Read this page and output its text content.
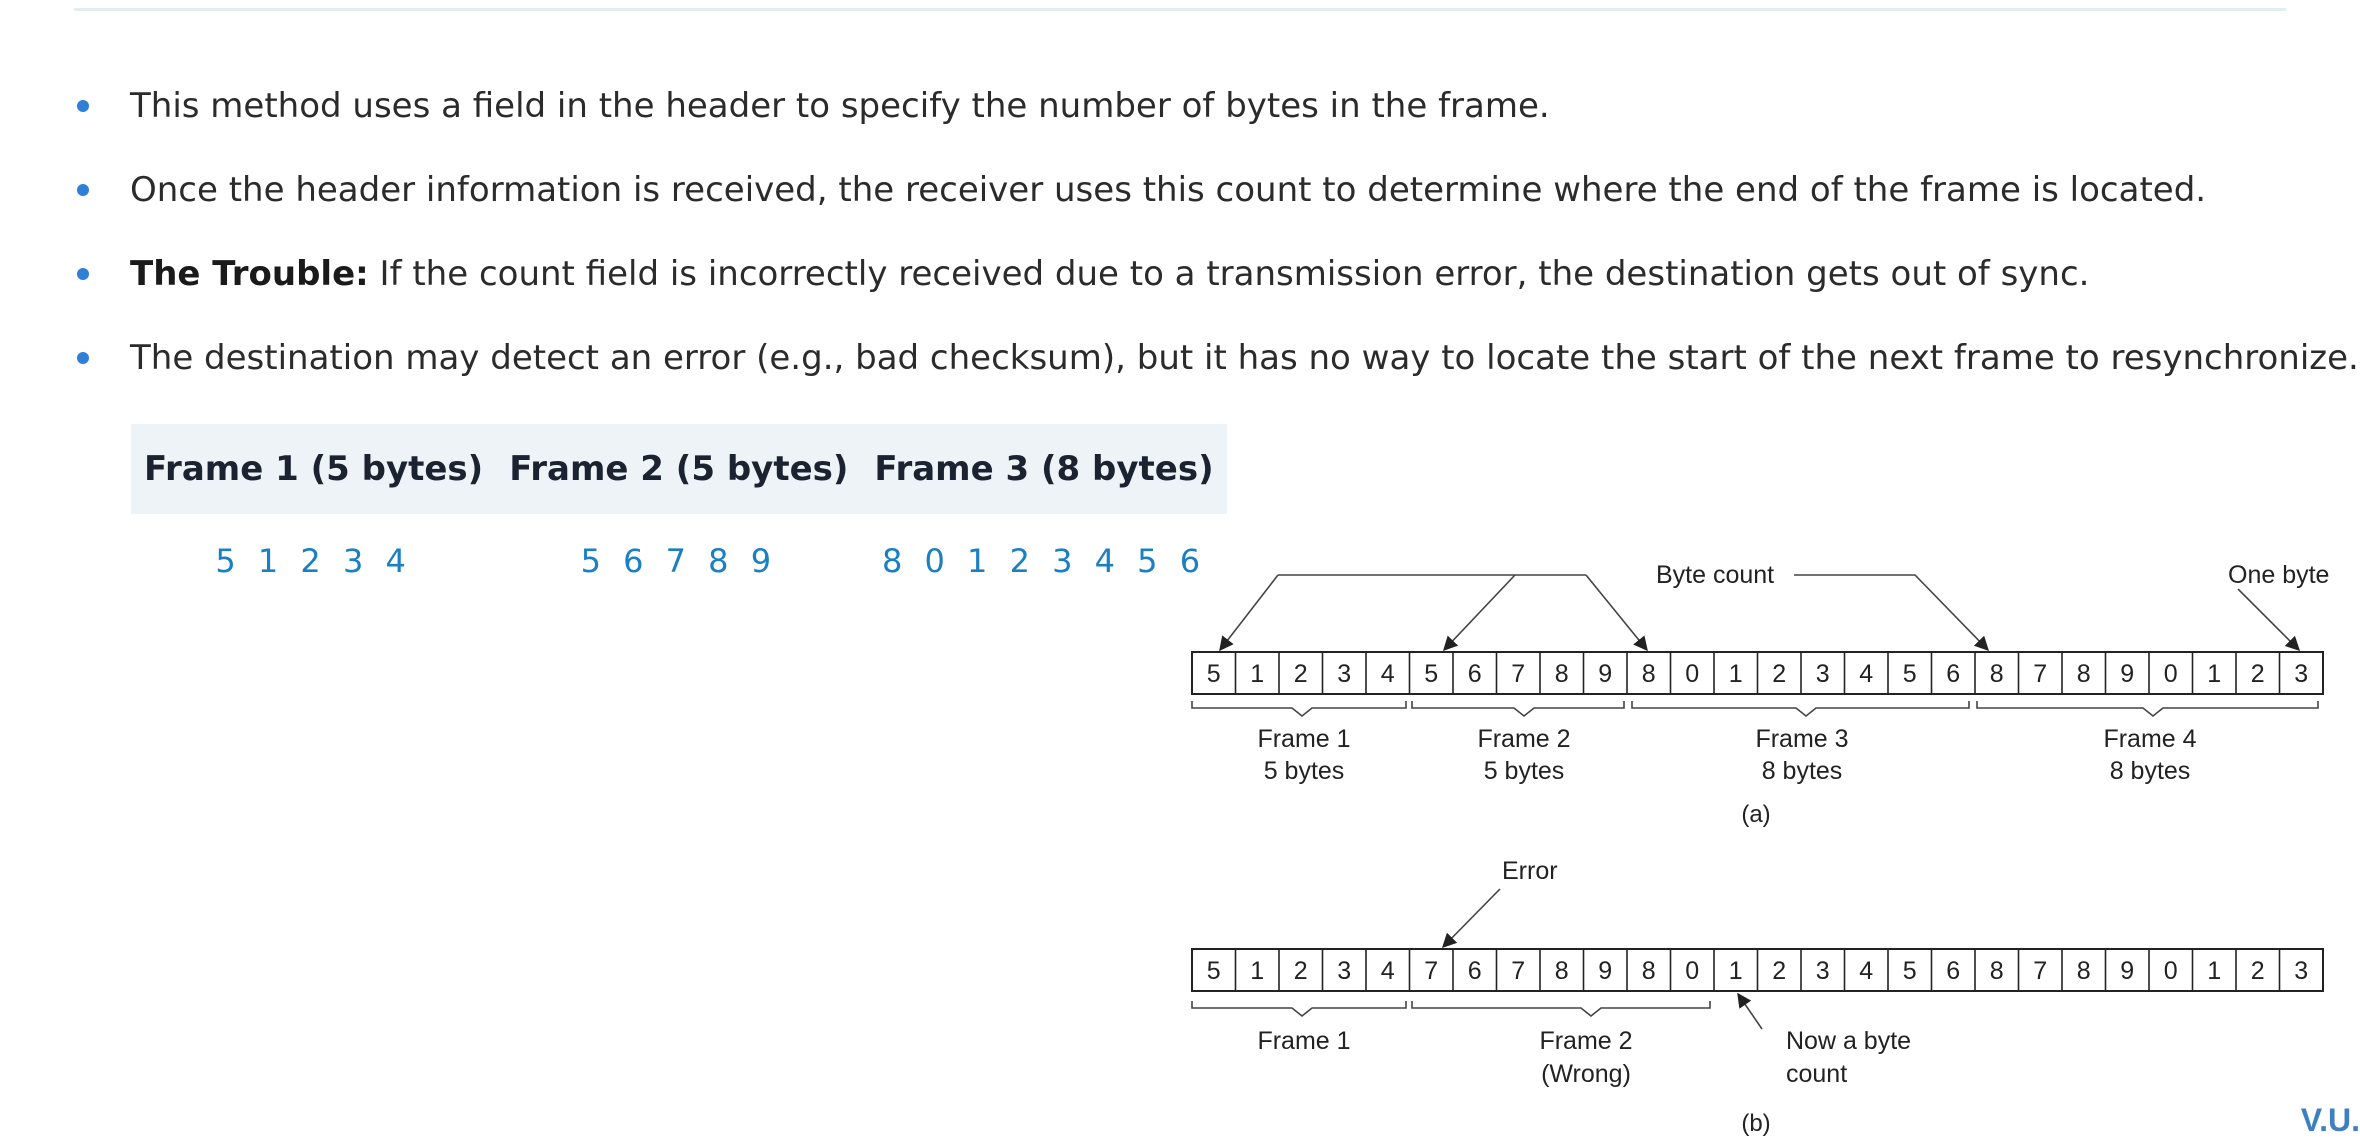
This method uses a field in the header to specify the number of bytes in the frame.
Once the header information is received, the receiver uses this count to determine where the end of the frame is located.
The Trouble: If the count field is incorrectly received due to a transmission error, the destination gets out of sync.
The destination may detect an error (e.g., bad checksum), but it has no way to locate the start of the next frame to resynchronize.
Frame 1 (5 bytes)	Frame 2 (5 bytes)	Frame 3 (8 bytes)
5 1 2 3 4	5 6 7 8 9	8 0 1 2 3 4 5 6
5 1 2 3 4 5 6 7 8 9 8 0 1 2 3 4 5 6 8 7 8 9 0 1 2 3
Byte count	One byte
Frame 1
5 bytes
Frame 2
5 bytes
Frame 3
8 bytes
Frame 4
8 bytes
(a)
Error
5 1 2 3 4 7 6 7 8 9 8 0 1 2 3 4 5 6 8 7 8 9 0 1 2 3
Now a byte
count
Frame 1	Frame 2
(Wrong)
(b)	V.U.
